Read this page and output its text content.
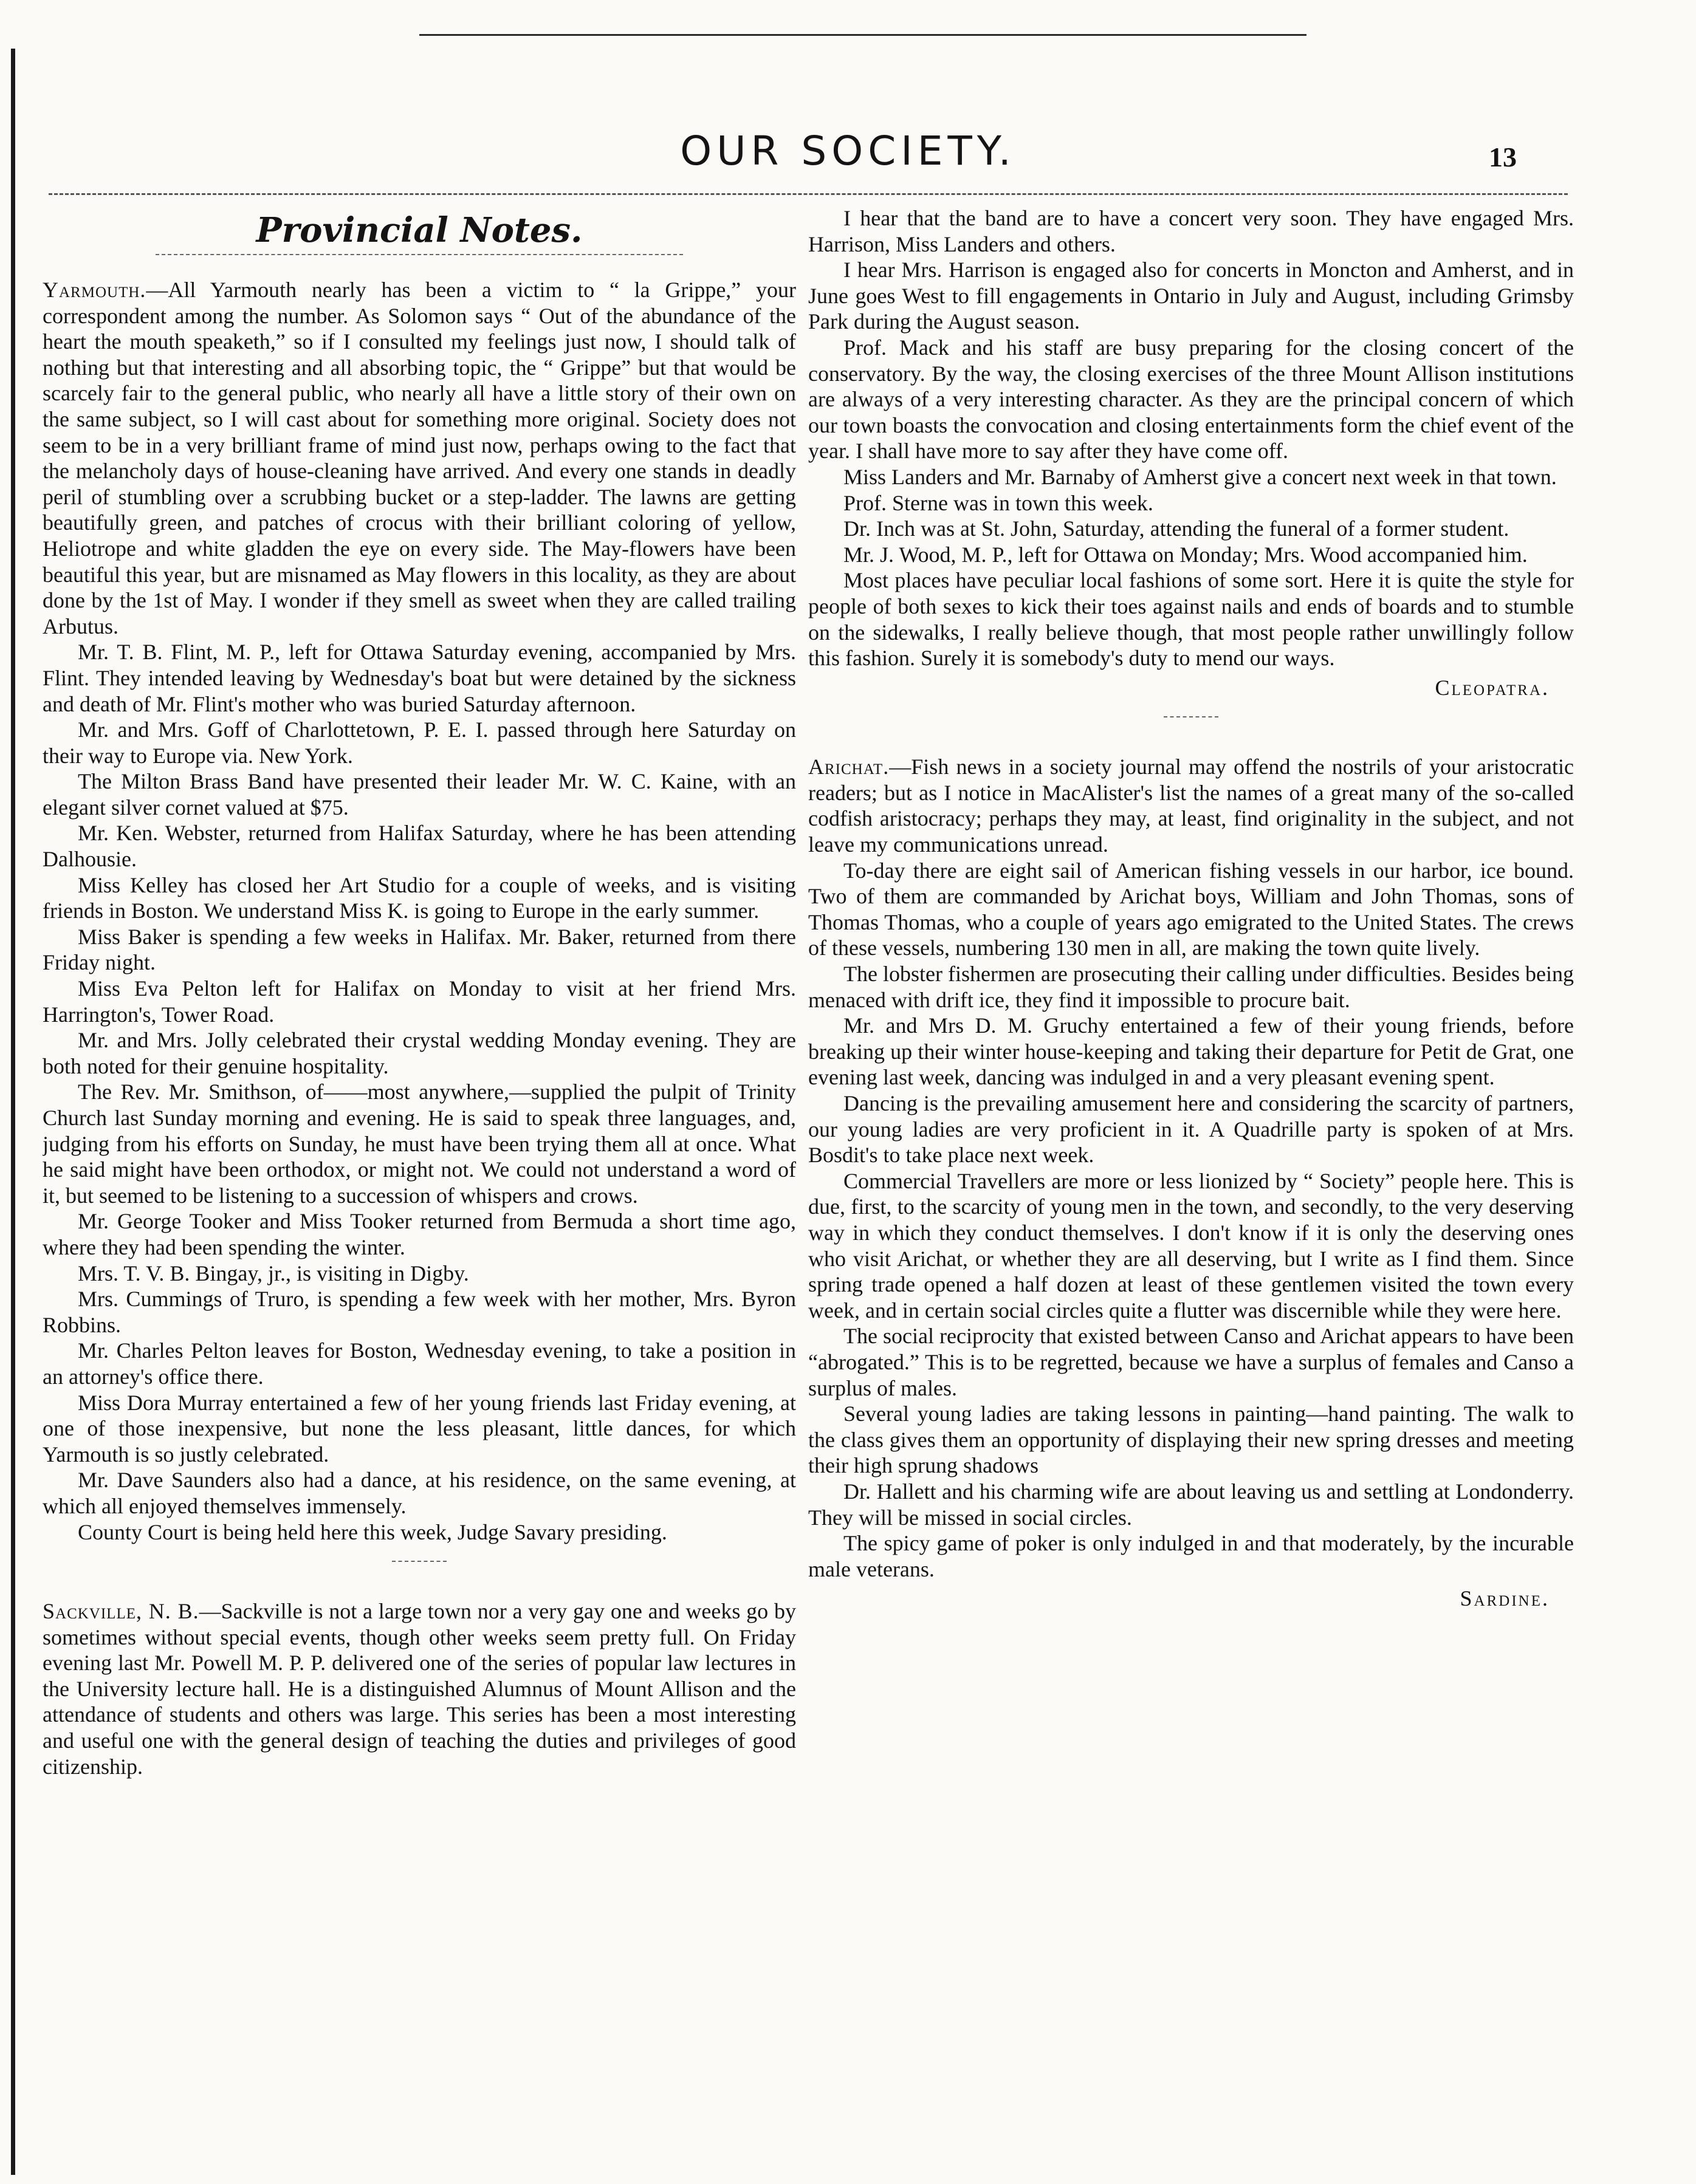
OUR SOCIETY.	13
Provincial Notes.

Yarmouth.—All Yarmouth nearly has been a victim to “ la Grippe,” your correspondent among the number. As Solomon says “ Out of the abundance of the heart the mouth speaketh,” so if I consulted my feelings just now, I should talk of nothing but that interesting and all absorbing topic, the “ Grippe” but that would be scarcely fair to the general public, who nearly all have a little story of their own on the same subject, so I will cast about for something more original. Society does not seem to be in a very brilliant frame of mind just now, perhaps owing to the fact that the melancholy days of house-cleaning have arrived. And every one stands in deadly peril of stumbling over a scrubbing bucket or a step-ladder. The lawns are getting beautifully green, and patches of crocus with their brilliant coloring of yellow, Heliotrope and white gladden the eye on every side. The May-flowers have been beautiful this year, but are misnamed as May flowers in this locality, as they are about done by the 1st of May. I wonder if they smell as sweet when they are called trailing Arbutus.

Mr. T. B. Flint, M. P., left for Ottawa Saturday evening, accompanied by Mrs. Flint. They intended leaving by Wednesday's boat but were detained by the sickness and death of Mr. Flint's mother who was buried Saturday afternoon.

Mr. and Mrs. Goff of Charlottetown, P. E. I. passed through here Saturday on their way to Europe via. New York.

The Milton Brass Band have presented their leader Mr. W. C. Kaine, with an elegant silver cornet valued at $75.

Mr. Ken. Webster, returned from Halifax Saturday, where he has been attending Dalhousie.

Miss Kelley has closed her Art Studio for a couple of weeks, and is visiting friends in Boston. We understand Miss K. is going to Europe in the early summer.

Miss Baker is spending a few weeks in Halifax. Mr. Baker, returned from there Friday night.

Miss Eva Pelton left for Halifax on Monday to visit at her friend Mrs. Harrington's, Tower Road.

Mr. and Mrs. Jolly celebrated their crystal wedding Monday evening. They are both noted for their genuine hospitality.

The Rev. Mr. Smithson, of——most anywhere,—supplied the pulpit of Trinity Church last Sunday morning and evening. He is said to speak three languages, and, judging from his efforts on Sunday, he must have been trying them all at once. What he said might have been orthodox, or might not. We could not understand a word of it, but seemed to be listening to a succession of whispers and crows.

Mr. George Tooker and Miss Tooker returned from Bermuda a short time ago, where they had been spending the winter.

Mrs. T. V. B. Bingay, jr., is visiting in Digby.

Mrs. Cummings of Truro, is spending a few week with her mother, Mrs. Byron Robbins.

Mr. Charles Pelton leaves for Boston, Wednesday evening, to take a position in an attorney's office there.

Miss Dora Murray entertained a few of her young friends last Friday evening, at one of those inexpensive, but none the less pleasant, little dances, for which Yarmouth is so justly celebrated.

Mr. Dave Saunders also had a dance, at his residence, on the same evening, at which all enjoyed themselves immensely.

County Court is being held here this week, Judge Savary presiding.

Sackville, N. B.—Sackville is not a large town nor a very gay one and weeks go by sometimes without special events, though other weeks seem pretty full. On Friday evening last Mr. Powell M. P. P. delivered one of the series of popular law lectures in the University lecture hall. He is a distinguished Alumnus of Mount Allison and the attendance of students and others was large. This series has been a most interesting and useful one with the general design of teaching the duties and privileges of good citizenship.

I hear that the band are to have a concert very soon. They have engaged Mrs. Harrison, Miss Landers and others.

I hear Mrs. Harrison is engaged also for concerts in Moncton and Amherst, and in June goes West to fill engagements in Ontario in July and August, including Grimsby Park during the August season.

Prof. Mack and his staff are busy preparing for the closing concert of the conservatory. By the way, the closing exercises of the three Mount Allison institutions are always of a very interesting character. As they are the principal concern of which our town boasts the convocation and closing entertainments form the chief event of the year. I shall have more to say after they have come off.

Miss Landers and Mr. Barnaby of Amherst give a concert next week in that town.

Prof. Sterne was in town this week.

Dr. Inch was at St. John, Saturday, attending the funeral of a former student.

Mr. J. Wood, M. P., left for Ottawa on Monday; Mrs. Wood accompanied him.

Most places have peculiar local fashions of some sort. Here it is quite the style for people of both sexes to kick their toes against nails and ends of boards and to stumble on the sidewalks, I really believe though, that most people rather unwillingly follow this fashion. Surely it is somebody's duty to mend our ways.

Cleopatra.

Arichat.—Fish news in a society journal may offend the nostrils of your aristocratic readers; but as I notice in MacAlister's list the names of a great many of the so-called codfish aristocracy; perhaps they may, at least, find originality in the subject, and not leave my communications unread.

To-day there are eight sail of American fishing vessels in our harbor, ice bound. Two of them are commanded by Arichat boys, William and John Thomas, sons of Thomas Thomas, who a couple of years ago emigrated to the United States. The crews of these vessels, numbering 130 men in all, are making the town quite lively.

The lobster fishermen are prosecuting their calling under difficulties. Besides being menaced with drift ice, they find it impossible to procure bait.

Mr. and Mrs D. M. Gruchy entertained a few of their young friends, before breaking up their winter house-keeping and taking their departure for Petit de Grat, one evening last week, dancing was indulged in and a very pleasant evening spent.

Dancing is the prevailing amusement here and considering the scarcity of partners, our young ladies are very proficient in it. A Quadrille party is spoken of at Mrs. Bosdit's to take place next week.

Commercial Travellers are more or less lionized by “ Society” people here. This is due, first, to the scarcity of young men in the town, and secondly, to the very deserving way in which they conduct themselves. I don't know if it is only the deserving ones who visit Arichat, or whether they are all deserving, but I write as I find them. Since spring trade opened a half dozen at least of these gentlemen visited the town every week, and in certain social circles quite a flutter was discernible while they were here.

The social reciprocity that existed between Canso and Arichat appears to have been “abrogated.” This is to be regretted, because we have a surplus of females and Canso a surplus of males.

Several young ladies are taking lessons in painting—hand painting. The walk to the class gives them an opportunity of displaying their new spring dresses and meeting their high sprung shadows

Dr. Hallett and his charming wife are about leaving us and settling at Londonderry. They will be missed in social circles.

The spicy game of poker is only indulged in and that moderately, by the incurable male veterans.

Sardine.
